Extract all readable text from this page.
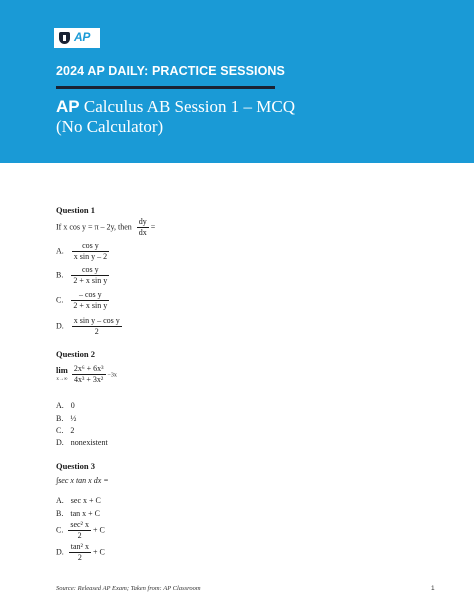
AP
2024 AP DAILY: PRACTICE SESSIONS
AP Calculus AB Session 1 – MCQ
(No Calculator)
Question 1
If x cos y = π – 2y, then $\frac{dy}{dx}$ =
A. $\frac{\text{cos y}}{\text{x sin y – 2}}$
B. $\frac{\text{cos y}}{\text{2 + x sin y}}$
C. $\frac{\text{– cos y}}{\text{2 + x sin y}}$
D. $\frac{\text{x sin y – cos y}}{2}$
Question 2
lim
x→∞
$\frac{\text{2x⁶ + 6x³}}{\text{4x³ + 3x²}} -3x$
A. 0
B. ½
C. 2
D. nonexistent
Question 3
∫sec x tan x dx =
A. sec x + C
B. tan x + C
C.
sec² x
2
+ C
D. $\frac{\text{tan² x}}{2} + C$
Source: Released AP Exam; Taken from: AP Classroom	1
